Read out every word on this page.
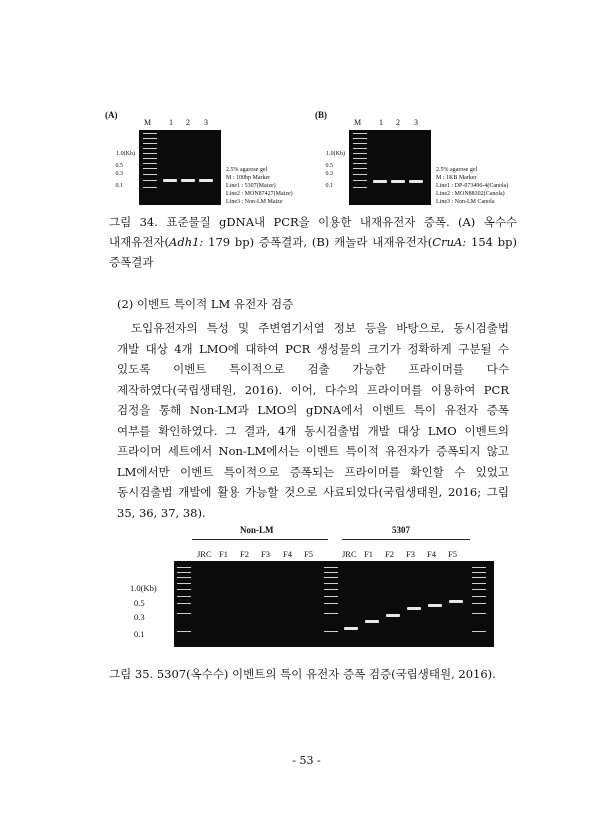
(A)
M 1 2 3
1.0(Kb)
0.5
0.3
0.1
2.5% agarose gel
M : 100bp Marker
Line1 : 5307(Maize)
Line2 : MON87427(Maize)
Line3 : Non-LM Maize
(B)
M 1 2 3
1.0(Kb)
0.5
0.3
0.1
2.5% agarose gel
M : 1KB Marker
Line1 : DP-073496-4(Canola)
Line2 : MON88302(Canola)
Line3 : Non-LM Canola
그림 34. 표준물질 gDNA내 PCR을 이용한 내재유전자 증폭. (A) 옥수수
내재유전자(Adh1: 179 bp) 증폭결과, (B) 캐놀라 내재유전자(CruA: 154 bp)
증폭결과
(2) 이벤트 특이적 LM 유전자 검증
도입유전자의 특성 및 주변염기서열 정보 등을 바탕으로, 동시검출법
개발 대상 4개 LMO에 대하여 PCR 생성물의 크기가 정확하게 구분될 수
있도록 이벤트 특이적으로 검출 가능한 프라이머를 다수
제작하였다(국립생태원, 2016). 이어, 다수의 프라이머를 이용하여 PCR
검정을 통해 Non-LM과 LMO의 gDNA에서 이벤트 특이 유전자 증폭
여부를 확인하였다. 그 결과, 4개 동시검출법 개발 대상 LMO 이벤트의
프라이머 세트에서 Non-LM에서는 이벤트 특이적 유전자가 증폭되지 않고
LM에서만 이벤트 특이적으로 증폭되는 프라이머를 확인할 수 있었고
동시검출법 개발에 활용 가능할 것으로 사료되었다(국립생태원, 2016; 그림
35, 36, 37, 38).
Non-LM	5307
JRC F1 F2 F3 F4 F5	JRC F1 F2 F3 F4 F5
1.0(Kb)
0.5
0.3
0.1
그림 35. 5307(옥수수) 이벤트의 특이 유전자 증폭 검증(국립생태원, 2016).
- 53 -
